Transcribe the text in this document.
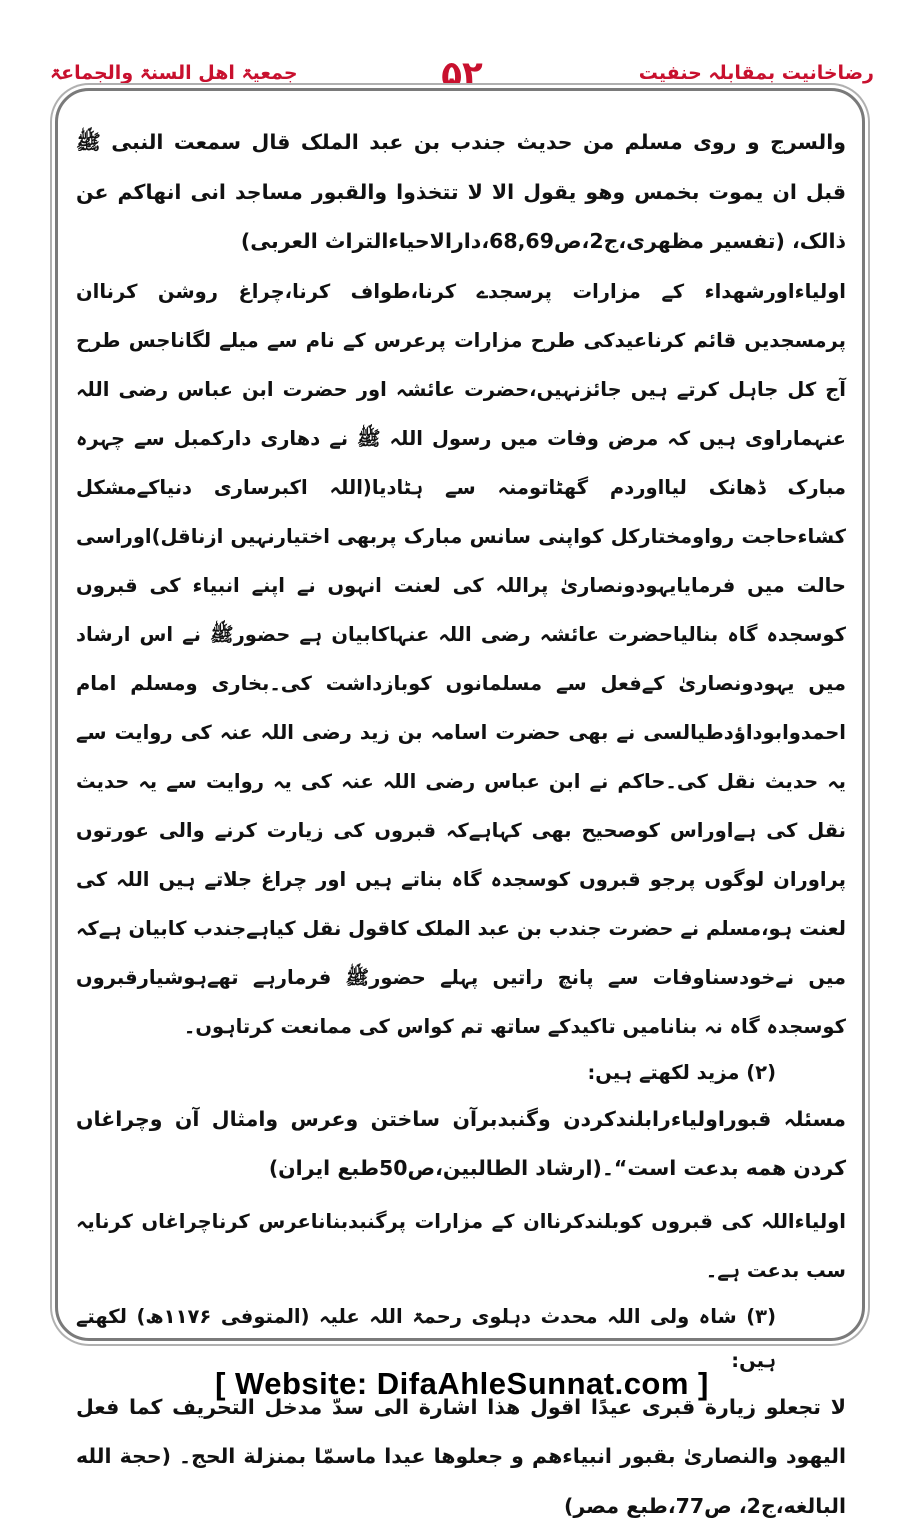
رضاخانیت بمقابلہ حنفیت
۵۲
جمعیۃ اهل السنۃ والجماعۃ

والسرج و روی مسلم من حدیث جندب بن عبد الملک قال سمعت النبی ﷺ قبل ان یموت بخمس وهو یقول الا لا تتخذوا والقبور مساجد انی انهاکم عن ذالک، (تفسیر مظهری،ج2،ص68,69،دارالاحیاءالتراث العربی)

اولیاءاورشهداء کے مزارات پرسجدے کرنا،طواف کرنا،چراغ روشن کرناان پرمسجدیں قائم کرناعیدکی طرح مزارات پرعرس کے نام سے میلے لگاناجس طرح آج کل جاہل کرتے ہیں جائزنہیں،حضرت عائشہ اور حضرت ابن عباس رضی اللہ عنہماراوی ہیں کہ مرض وفات میں رسول اللہ ﷺ نے دھاری دارکمبل سے چہرہ مبارک ڈھانک لیااوردم گھٹاتومنہ سے ہٹادیا(اللہ اکبرساری دنیاکےمشکل کشاءحاجت رواومختارکل کواپنی سانس مبارک پربھی اختیارنہیں ازناقل)اوراسی حالت میں فرمایایہودونصاریٰ پراللہ کی لعنت انہوں نے اپنے انبیاء کی قبروں کوسجدہ گاہ بنالیاحضرت عائشہ رضی اللہ عنہاکابیان ہے حضورﷺ نے اس ارشاد میں یہودونصاریٰ کےفعل سے مسلمانوں کوبازداشت کی۔بخاری ومسلم امام احمدوابوداؤدطیالسی نے بھی حضرت اسامہ بن زید رضی اللہ عنہ کی روایت سے یہ حدیث نقل کی۔حاکم نے ابن عباس رضی اللہ عنہ کی یہ روایت سے یہ حدیث نقل کی ہےاوراس کوصحیح بھی کہاہےکہ قبروں کی زیارت کرنے والی عورتوں پراوران لوگوں پرجو قبروں کوسجدہ گاہ بناتے ہیں اور چراغ جلاتے ہیں اللہ کی لعنت ہو،مسلم نے حضرت جندب بن عبد الملک کاقول نقل کیاہےجندب کابیان ہےکہ میں نےخودسناوفات سے پانچ راتیں پہلے حضورﷺ فرمارہے تھےہوشیارقبروں کوسجدہ گاہ نہ بنانامیں تاکیدکے ساتھ تم کواس کی ممانعت کرتاہوں۔

(۲) مزید لکھتے ہیں:

مسئلہ قبوراولیاءرابلندکردن وگنبدبرآن ساختن وعرس وامثال آن وچراغاں کردن همه بدعت است“۔(ارشاد الطالبین،ص50طبع ایران)

اولیاءاللہ کی قبروں کوبلندکرناان کے مزارات پرگنبدبناناعرس کرناچراغاں کرنایہ سب بدعت ہے۔

(۳) شاہ ولی اللہ محدث دہلوی رحمۃ اللہ علیہ (المتوفی ۱۱۷۶ھ) لکھتے ہیں:

لا تجعلو زیارة قبری عیدًا اقول هذا اشارة الی سدّ مدخل التحریف کما فعل الیهود والنصاریٰ بقبور انبیاءهم و جعلوها عیدا ماسمّا بمنزلة الحج۔ (حجة الله البالغه،ج2، ص77،طبع مصر)

[ Website: DifaAhleSunnat.com ]
